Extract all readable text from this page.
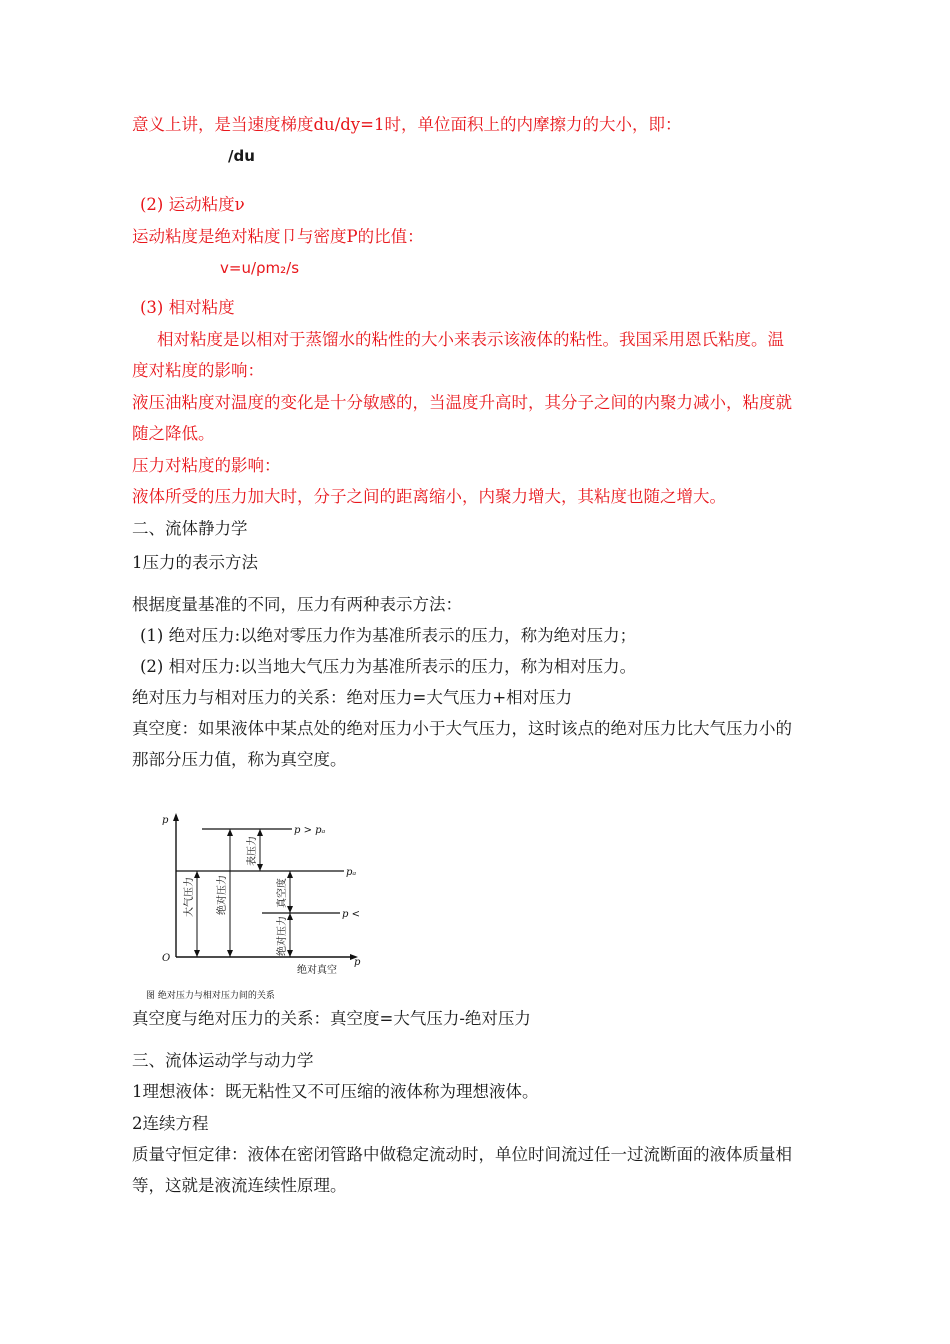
意义上讲，是当速度梯度du/dy=1时，单位面积上的内摩擦力的大小，即：
/du
(2) 运动粘度ν
运动粘度是绝对粘度卩与密度P的比值：
v=u/ρm₂/s
(3) 相对粘度
相对粘度是以相对于蒸馏水的粘性的大小来表示该液体的粘性。我国采用恩氏粘度。温
度对粘度的影响：
液压油粘度对温度的变化是十分敏感的，当温度升高时，其分子之间的内聚力减小，粘度就
随之降低。
压力对粘度的影响：
液体所受的压力加大时，分子之间的距离缩小，内聚力增大，其粘度也随之增大。
二、流体静力学
1压力的表示方法
根据度量基准的不同，压力有两种表示方法：
(1) 绝对压力:以绝对零压力作为基准所表示的压力，称为绝对压力；
(2) 相对压力:以当地大气压力为基准所表示的压力，称为相对压力。
绝对压力与相对压力的关系：绝对压力=大气压力+相对压力
真空度：如果液体中某点处的绝对压力小于大气压力，这时该点的绝对压力比大气压力小的
那部分压力值，称为真空度。
p
O	p
p > pₐ
pₐ
p <
大气压力 绝对压力
表压力
真空度
绝对压力
绝对真空
图 绝对压力与相对压力间的关系
真空度与绝对压力的关系：真空度=大气压力-绝对压力
三、流体运动学与动力学
1理想液体：既无粘性又不可压缩的液体称为理想液体。
2连续方程
质量守恒定律：液体在密闭管路中做稳定流动时，单位时间流过任一过流断面的液体质量相
等，这就是液流连续性原理。
